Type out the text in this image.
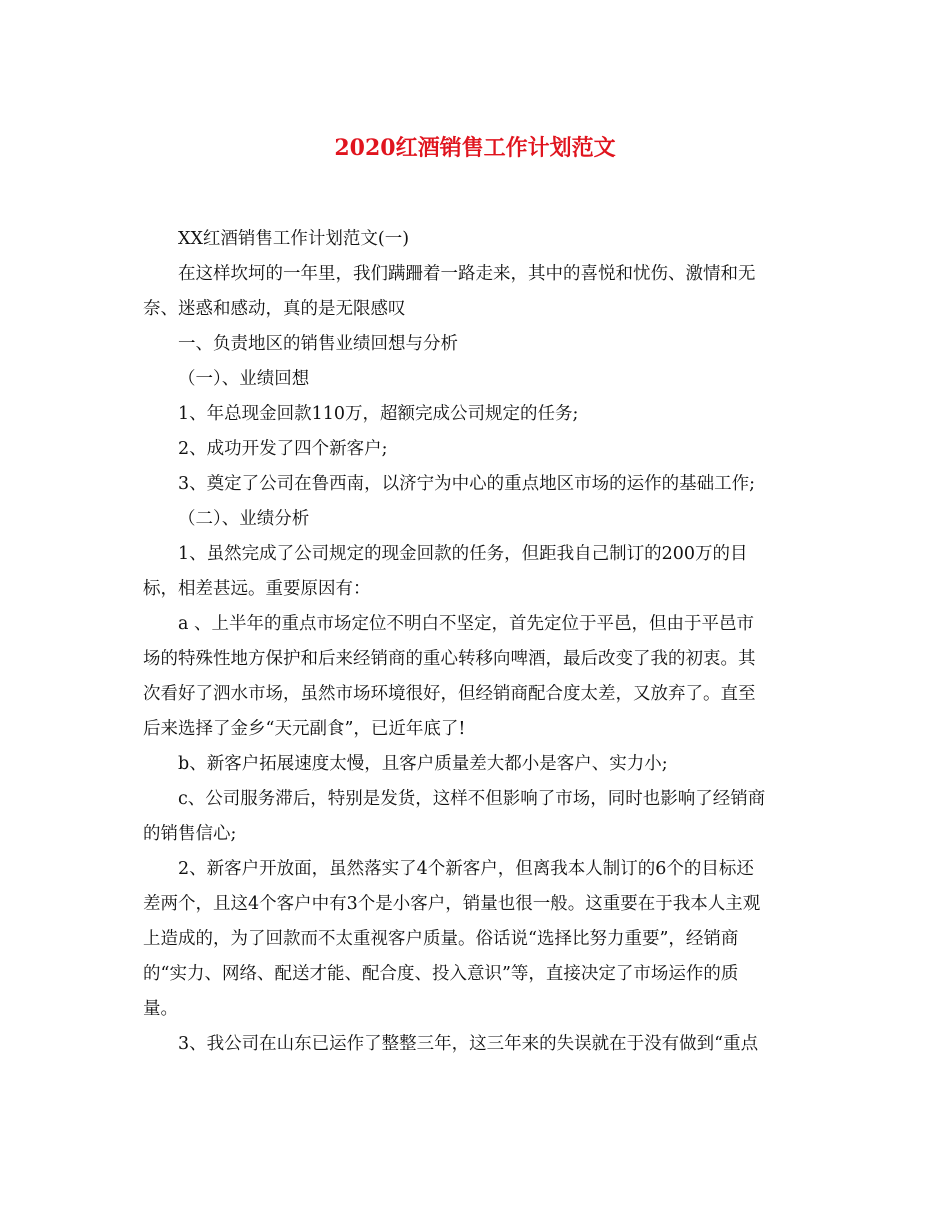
2020红酒销售工作计划范文

XX红酒销售工作计划范文(一)

在这样坎坷的一年里，我们蹒跚着一路走来，其中的喜悦和忧伤、激情和无
奈、迷惑和感动，真的是无限感叹

一、负责地区的销售业绩回想与分析

（一）、业绩回想

1、年总现金回款110万，超额完成公司规定的任务;

2、成功开发了四个新客户;

3、奠定了公司在鲁西南，以济宁为中心的重点地区市场的运作的基础工作;

（二）、业绩分析

1、虽然完成了公司规定的现金回款的任务，但距我自己制订的200万的目
标，相差甚远。重要原因有：

a 、上半年的重点市场定位不明白不坚定，首先定位于平邑，但由于平邑市
场的特殊性地方保护和后来经销商的重心转移向啤酒，最后改变了我的初衷。其
次看好了泗水市场，虽然市场环境很好，但经销商配合度太差，又放弃了。直至
后来选择了金乡“天元副食”，已近年底了!

b、新客户拓展速度太慢，且客户质量差大都小是客户、实力小;

c、公司服务滞后，特别是发货，这样不但影响了市场，同时也影响了经销商
的销售信心;

2、新客户开放面，虽然落实了4个新客户，但离我本人制订的6个的目标还
差两个，且这4个客户中有3个是小客户，销量也很一般。这重要在于我本人主观
上造成的，为了回款而不太重视客户质量。俗话说“选择比努力重要”，经销商
的“实力、网络、配送才能、配合度、投入意识”等，直接决定了市场运作的质
量。

3、我公司在山东已运作了整整三年，这三年来的失误就在于没有做到“重点
